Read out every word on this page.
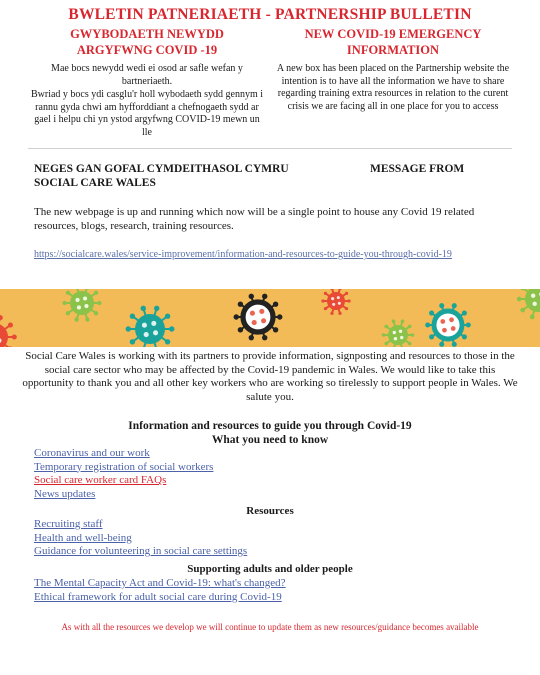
BWLETIN PATNERIAETH - PARTNERSHIP BULLETIN
GWYBODAETH NEWYDD
ARGYFWNG COVID -19

Mae bocs newydd wedi ei osod ar safle wefan y bartneriaeth.

Bwriad y bocs ydi casglu'r holl wybodaeth sydd gennym i rannu gyda chwi am hyfforddiant a chefnogaeth sydd ar gael i helpu chi yn ystod argyfwng COVID-19 mewn un lle

NEW COVID-19 EMERGENCY
INFORMATION

A new box has been placed on the Partnership website the intention is to have all the information we have to share regarding training extra resources in relation to the curent crisis we are facing all in one place for you to access

NEGES GAN GOFAL CYMDEITHASOL CYMRU	MESSAGE FROM

SOCIAL CARE WALES
The new webpage is up and running which now will be a single point to house any Covid 19 related resources, blogs, research, training resources.
https://socialcare.wales/service-improvement/information-and-resources-to-guide-you-through-covid-19
Social Care Wales is working with its partners to provide information, signposting and resources to those in the social care sector who may be affected by the Covid-19 pandemic in Wales. We would like to take this opportunity to thank you and all other key workers who are working so tirelessly to support people in Wales. We salute you.
Information and resources to guide you through Covid-19
What you need to know
Coronavirus and our work
Temporary registration of social workers
Social care worker card FAQs
News updates
Resources
Recruiting staff
Health and well-being
Guidance for volunteering in social care settings
Supporting adults and older people
The Mental Capacity Act and Covid-19: what's changed?
Ethical framework for adult social care during Covid-19
As with all the resources we develop we will continue to update them as new resources/guidance becomes available
